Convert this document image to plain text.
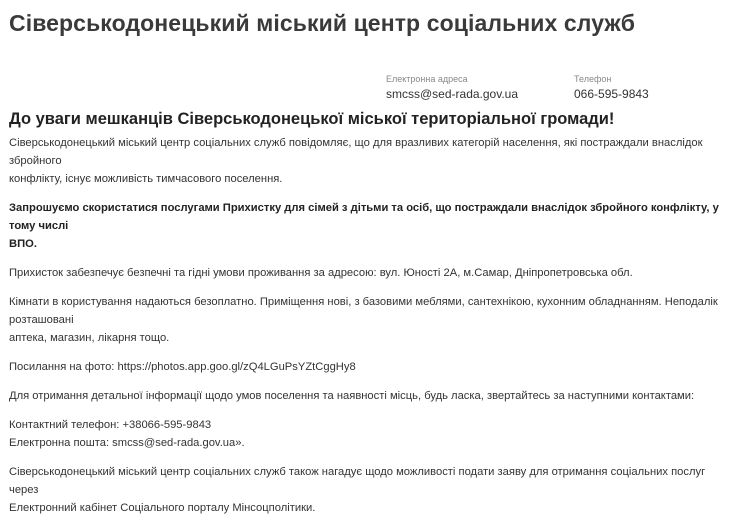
Сіверськодонецький міський центр соціальних служб
Електронна адреса
smcss@sed-rada.gov.ua
Телефон
066-595-9843
До уваги мешканців Сіверськодонецької міської територіальної громади!
Сіверськодонецький міський центр соціальних служб повідомляє, що для вразливих категорій населення, які постраждали внаслідок збройного
конфлікту, існує можливість тимчасового поселення.
Запрошуємо скористатися послугами Прихистку для сімей з дітьми та осіб, що постраждали внаслідок збройного конфлікту, у тому числі
ВПО.
Прихисток забезпечує безпечні та гідні умови проживання за адресою: вул. Юності 2А, м.Самар, Дніпропетровська обл.
Кімнати в користування надаються безоплатно. Приміщення нові, з базовими меблями, сантехнікою, кухонним обладнанням. Неподалік розташовані
аптека, магазин, лікарня тощо.
Посилання на фото: https://photos.app.goo.gl/zQ4LGuPsYZtCggHy8
Для отримання детальної інформації щодо умов поселення та наявності місць, будь ласка, звертайтесь за наступними контактами:
Контактний телефон: +38066-595-9843
Електронна пошта: smcss@sed-rada.gov.ua».
Сіверськодонецький міський центр соціальних служб також нагадує щодо можливості подати заяву для отримання соціальних послуг через
Електронний кабінет Соціального порталу Мінсоцполітики.
